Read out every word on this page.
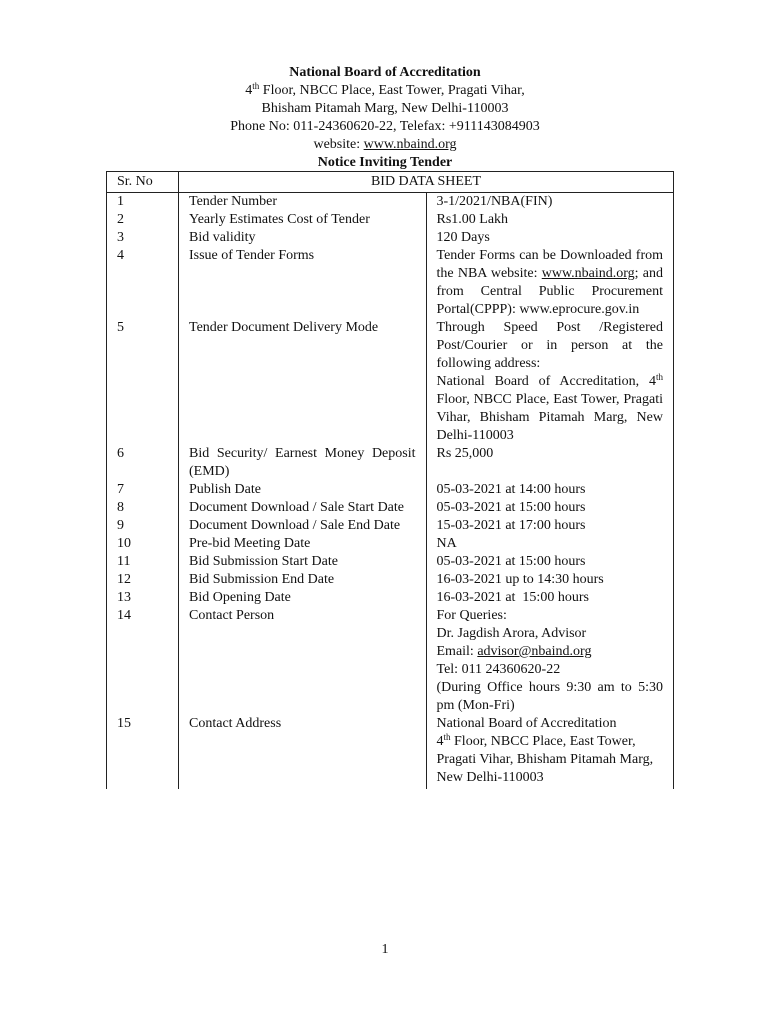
National Board of Accreditation
4th Floor, NBCC Place, East Tower, Pragati Vihar,
Bhisham Pitamah Marg, New Delhi-110003
Phone No: 011-24360620-22, Telefax: +911143084903
website: www.nbaind.org
Notice Inviting Tender
Sr. No	BID DATA SHEET	
1	Tender Number	3-1/2021/NBA(FIN)
2	Yearly Estimates Cost of Tender	Rs1.00 Lakh
3	Bid validity	120 Days
4	Issue of Tender Forms	Tender Forms can be Downloaded from the NBA website: www.nbaind.org; and from Central Public Procurement Portal(CPPP): www.eprocure.gov.in
5	Tender Document Delivery Mode	Through Speed Post /Registered Post/Courier or in person at the following address:
National Board of Accreditation, 4th Floor, NBCC Place, East Tower, Pragati Vihar, Bhisham Pitamah Marg, New Delhi-110003

6	Bid Security/ Earnest Money Deposit (EMD)	Rs 25,000
7	Publish Date	05-03-2021 at 14:00 hours
8	Document Download / Sale Start Date	05-03-2021 at 15:00 hours
9	Document Download / Sale End Date	15-03-2021 at 17:00 hours
10	Pre-bid Meeting Date	NA
11	Bid Submission Start Date	05-03-2021 at 15:00 hours
12	Bid Submission End Date	16-03-2021 up to 14:30 hours
13	Bid Opening Date	16-03-2021 at  15:00 hours
14	Contact Person	For Queries:
Dr. Jagdish Arora, Advisor
Email: advisor@nbaind.org
Tel: 011 24360620-22
(During Office hours 9:30 am to 5:30 pm (Mon-Fri)

15	Contact Address	National Board of Accreditation
4th Floor, NBCC Place, East Tower, Pragati Vihar, Bhisham Pitamah Marg,
New Delhi-110003
1
